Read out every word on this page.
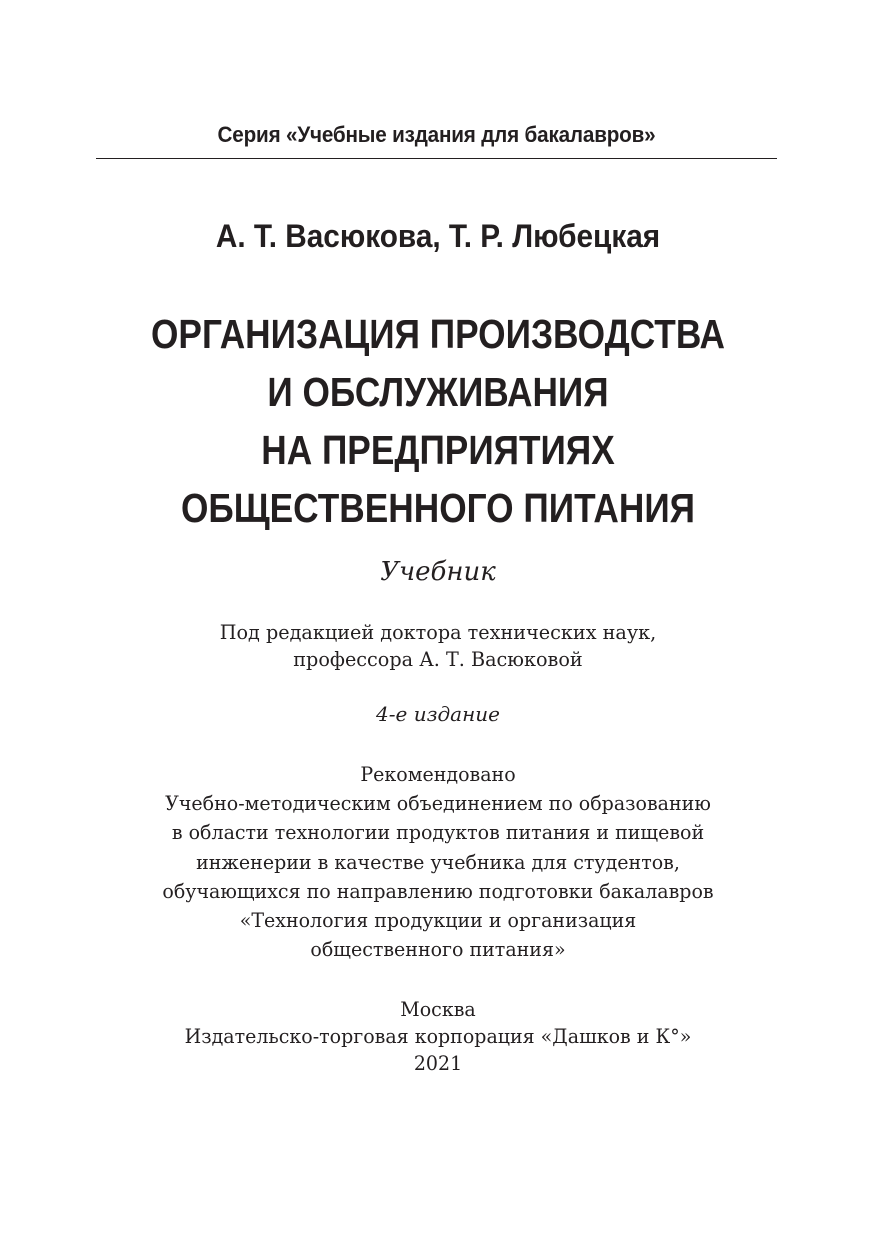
Серия «Учебные издания для бакалавров»
А. Т. Васюкова, Т. Р. Любецкая
ОРГАНИЗАЦИЯ ПРОИЗВОДСТВА
И ОБСЛУЖИВАНИЯ
НА ПРЕДПРИЯТИЯХ
ОБЩЕСТВЕННОГО ПИТАНИЯ
Учебник
Под редакцией доктора технических наук,
профессора А. Т. Васюковой
4-е издание
Рекомендовано
Учебно-методическим объединением по образованию
в области технологии продуктов питания и пищевой
инженерии в качестве учебника для студентов,
обучающихся по направлению подготовки бакалавров
«Технология продукции и организация
общественного питания»
Москва
Издательско-торговая корпорация «Дашков и К°»
2021
